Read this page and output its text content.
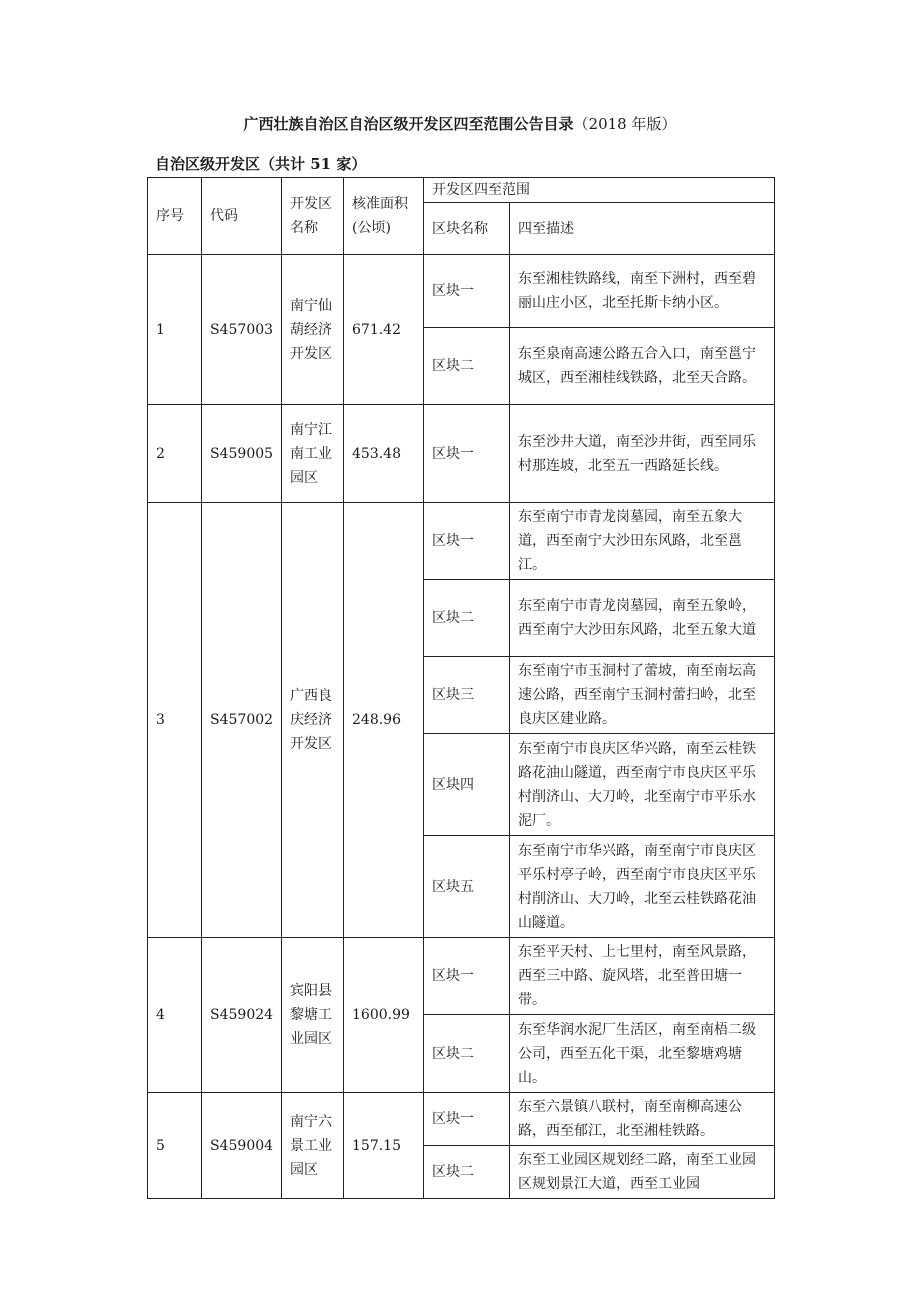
广西壮族自治区自治区级开发区四至范围公告目录（2018 年版）
自治区级开发区（共计 51 家）
序号	代码	开发区名称	核准面积(公顷)	开发区四至范围	
				区块名称	四至描述
1	S457003	南宁仙葫经济开发区	671.42	区块一	东至湘桂铁路线，南至下洲村，西至碧丽山庄小区，北至托斯卡纳小区。
				区块二	东至泉南高速公路五合入口，南至邕宁城区，西至湘桂线铁路，北至天合路。
2	S459005	南宁江南工业园区	453.48	区块一	东至沙井大道，南至沙井街，西至同乐村那连坡，北至五一西路延长线。
3	S457002	广西良庆经济开发区	248.96	区块一	东至南宁市青龙岗墓园，南至五象大道，西至南宁大沙田东风路，北至邕江。
				区块二	东至南宁市青龙岗墓园，南至五象岭，西至南宁大沙田东风路，北至五象大道
				区块三	东至南宁市玉洞村了蕾坡，南至南坛高速公路，西至南宁玉洞村蕾扫岭，北至良庆区建业路。
				区块四	东至南宁市良庆区华兴路，南至云桂铁路花油山隧道，西至南宁市良庆区平乐村削济山、大刀岭，北至南宁市平乐水泥厂。
				区块五	东至南宁市华兴路，南至南宁市良庆区平乐村亭子岭，西至南宁市良庆区平乐村削济山、大刀岭，北至云桂铁路花油山隧道。
4	S459024	宾阳县黎塘工业园区	1600.99	区块一	东至平天村、上七里村，南至风景路，西至三中路、旋风塔，北至普田塘一带。
				区块二	东至华润水泥厂生活区，南至南梧二级公司，西至五化干渠，北至黎塘鸡塘山。
5	S459004	南宁六景工业园区	157.15	区块一	东至六景镇八联村，南至南柳高速公路，西至郁江，北至湘桂铁路。
				区块二	东至工业园区规划经二路，南至工业园区规划景江大道，西至工业园
